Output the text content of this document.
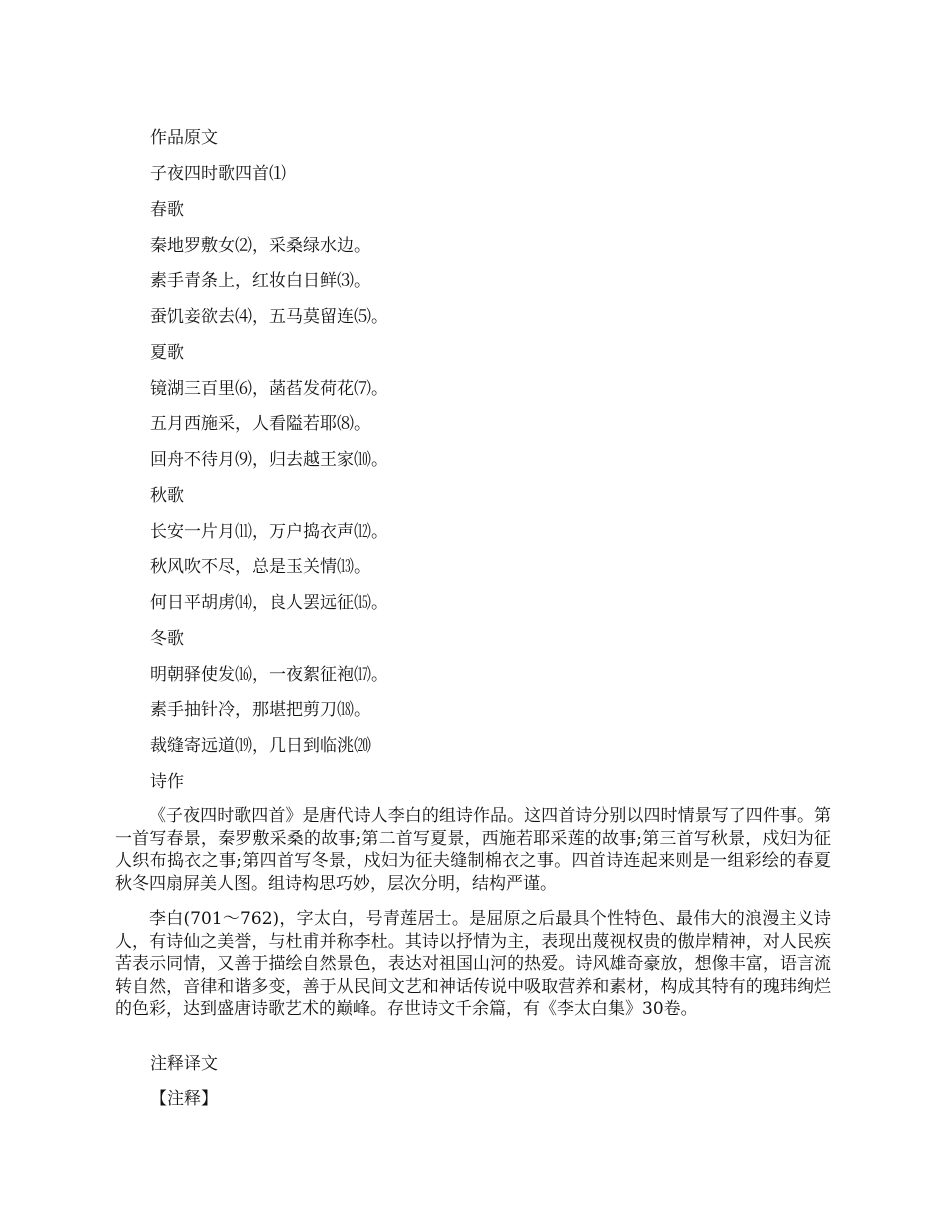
作品原文
子夜四时歌四首⑴
春歌
秦地罗敷女⑵，采桑绿水边。
素手青条上，红妆白日鲜⑶。
蚕饥妾欲去⑷，五马莫留连⑸。
夏歌
镜湖三百里⑹，菡萏发荷花⑺。
五月西施采，人看隘若耶⑻。
回舟不待月⑼，归去越王家⑽。
秋歌
长安一片月⑾，万户捣衣声⑿。
秋风吹不尽，总是玉关情⒀。
何日平胡虏⒁，良人罢远征⒂。
冬歌
明朝驿使发⒃，一夜絮征袍⒄。
素手抽针冷，那堪把剪刀⒅。
裁缝寄远道⒆，几日到临洮⒇
诗作
《子夜四时歌四首》是唐代诗人李白的组诗作品。这四首诗分别以四时情景写了四件事。第一首写春景，秦罗敷采桑的故事;第二首写夏景，西施若耶采莲的故事;第三首写秋景，戍妇为征人织布捣衣之事;第四首写冬景，戍妇为征夫缝制棉衣之事。四首诗连起来则是一组彩绘的春夏秋冬四扇屏美人图。组诗构思巧妙，层次分明，结构严谨。
李白(701～762)，字太白，号青莲居士。是屈原之后最具个性特色、最伟大的浪漫主义诗人，有诗仙之美誉，与杜甫并称李杜。其诗以抒情为主，表现出蔑视权贵的傲岸精神，对人民疾苦表示同情，又善于描绘自然景色，表达对祖国山河的热爱。诗风雄奇豪放，想像丰富，语言流转自然，音律和谐多变，善于从民间文艺和神话传说中吸取营养和素材，构成其特有的瑰玮绚烂的色彩，达到盛唐诗歌艺术的巅峰。存世诗文千余篇，有《李太白集》30卷。
注释译文
【注释】
